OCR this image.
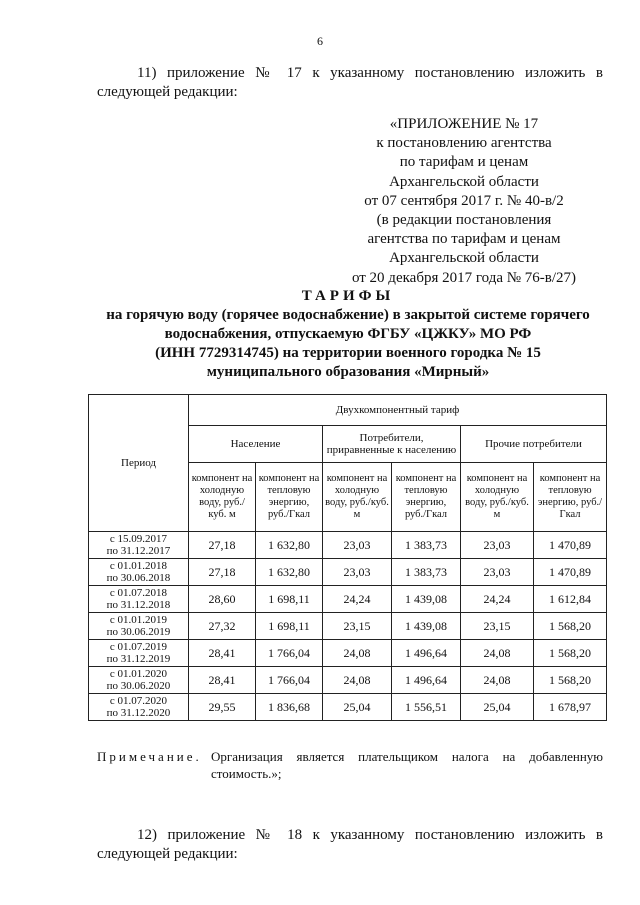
6
11) приложение № 17 к указанному постановлению изложить в
следующей редакции:
«ПРИЛОЖЕНИЕ № 17
к постановлению агентства
по тарифам и ценам
Архангельской области
от 07 сентября 2017 г. № 40-в/2
(в редакции постановления
агентства по тарифам и ценам
Архангельской области
от 20 декабря 2017 года № 76-в/27)
ТАРИФЫ
на горячую воду (горячее водоснабжение) в закрытой системе горячего
водоснабжения, отпускаемую ФГБУ «ЦЖКУ» МО РФ
(ИНН 7729314745) на территории военного городка № 15
муниципального образования «Мирный»
Период	Двухкомпонентный тариф					
	Население		Потребители, приравненные к населению		Прочие потребители	
	компонент на холодную воду, руб./куб. м	компонент на тепловую энергию, руб./Гкал	компонент на холодную воду, руб./куб. м	компонент на тепловую энергию, руб./Гкал	компонент на холодную воду, руб./куб. м	компонент на тепловую энергию, руб./Гкал

с 15.09.2017
по 31.12.2017	27,18	1 632,80	23,03	1 383,73	23,03	1 470,89

с 01.01.2018
по 30.06.2018	27,18	1 632,80	23,03	1 383,73	23,03	1 470,89

с 01.07.2018
по 31.12.2018	28,60	1 698,11	24,24	1 439,08	24,24	1 612,84

с 01.01.2019
по 30.06.2019	27,32	1 698,11	23,15	1 439,08	23,15	1 568,20

с 01.07.2019
по 31.12.2019	28,41	1 766,04	24,08	1 496,64	24,08	1 568,20

с 01.01.2020
по 30.06.2020	28,41	1 766,04	24,08	1 496,64	24,08	1 568,20

с 01.07.2020
по 31.12.2020	29,55	1 836,68	25,04	1 556,51	25,04	1 678,97
Примечание. Организация является плательщиком налога на добавленную стоимость.»;
12) приложение № 18 к указанному постановлению изложить в
следующей редакции:
